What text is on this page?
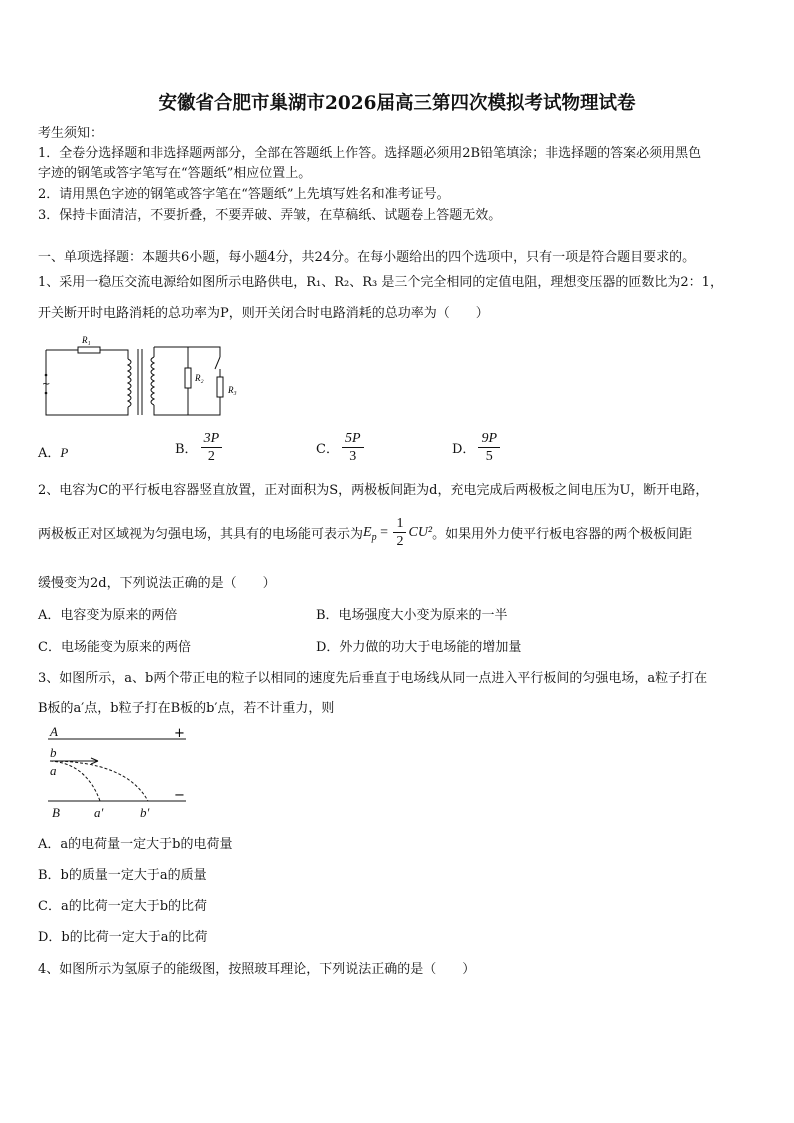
安徽省合肥市巢湖市2026届高三第四次模拟考试物理试卷
考生须知：
1．全卷分选择题和非选择题两部分，全部在答题纸上作答。选择题必须用2B铅笔填涂；非选择题的答案必须用黑色
字迹的钢笔或答字笔写在“答题纸”相应位置上。
2．请用黑色字迹的钢笔或答字笔在“答题纸”上先填写姓名和准考证号。
3．保持卡面清洁，不要折叠，不要弄破、弄皱，在草稿纸、试题卷上答题无效。
一、单项选择题：本题共6小题，每小题4分，共24分。在每小题给出的四个选项中，只有一项是符合题目要求的。
1、采用一稳压交流电源给如图所示电路供电，R₁、R₂、R₃ 是三个完全相同的定值电阻，理想变压器的匝数比为2：1，
开关断开时电路消耗的总功率为P，则开关闭合时电路消耗的总功率为（　　）
R₁
R₂
R₃
~
A．P	B． $\frac{3P}{2}$	C． $\frac{5P}{3}$	D． $\frac{9P}{5}$
2、电容为C的平行板电容器竖直放置，正对面积为S，两极板间距为d，充电完成后两极板之间电压为U，断开电路，
两极板正对区域视为匀强电场，其具有的电场能可表示为$E_p = \frac{1}{2} CU^2$。如果用外力使平行板电容器的两个极板间距
缓慢变为2d，下列说法正确的是（　　）
A．电容变为原来的两倍	B．电场强度大小变为原来的一半
C．电场能变为原来的两倍	D．外力做的功大于电场能的增加量
3、如图所示，a、b两个带正电的粒子以相同的速度先后垂直于电场线从同一点进入平行板间的匀强电场，a粒子打在
B板的a′点，b粒子打在B板的b′点，若不计重力，则
A
B
b
a
a′	b′
+
−
A．a的电荷量一定大于b的电荷量
B．b的质量一定大于a的质量
C．a的比荷一定大于b的比荷
D．b的比荷一定大于a的比荷
4、如图所示为氢原子的能级图，按照玻耳理论，下列说法正确的是（　　）
